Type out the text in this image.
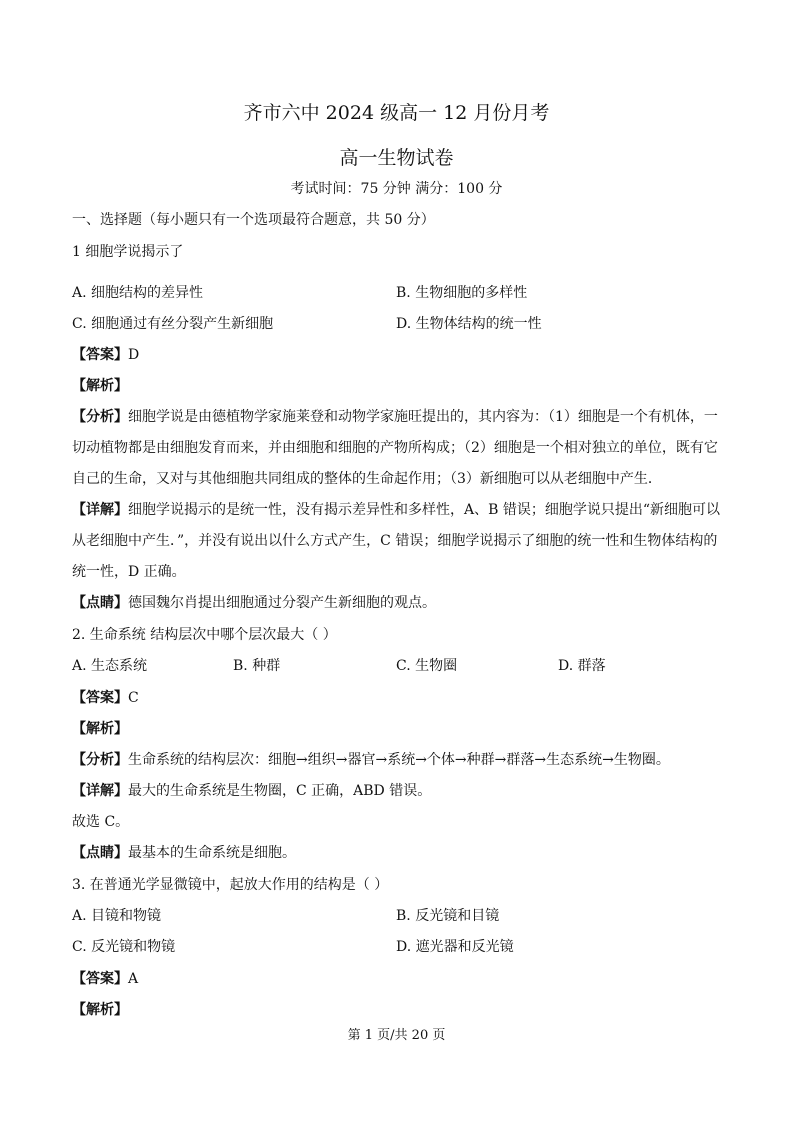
齐市六中 2024 级高一 12 月份月考
高一生物试卷
考试时间：75 分钟 满分：100 分
一、选择题（每小题只有一个选项最符合题意，共 50 分）
1 细胞学说揭示了
A. 细胞结构的差异性	B. 生物细胞的多样性
C. 细胞通过有丝分裂产生新细胞	D. 生物体结构的统一性
【答案】D
【解析】
【分析】细胞学说是由德植物学家施莱登和动物学家施旺提出的，其内容为：（1）细胞是一个有机体，一
切动植物都是由细胞发育而来，并由细胞和细胞的产物所构成；（2）细胞是一个相对独立的单位，既有它
自己的生命，又对与其他细胞共同组成的整体的生命起作用；（3）新细胞可以从老细胞中产生．
【详解】细胞学说揭示的是统一性，没有揭示差异性和多样性，A、B 错误；细胞学说只提出“新细胞可以
从老细胞中产生．”，并没有说出以什么方式产生，C 错误；细胞学说揭示了细胞的统一性和生物体结构的
统一性，D 正确。
【点睛】德国魏尔肖提出细胞通过分裂产生新细胞的观点。
2. 生命系统 结构层次中哪个层次最大（ ）
A. 生态系统	B. 种群	C. 生物圈	D. 群落
【答案】C
【解析】
【分析】生命系统的结构层次：细胞→组织→器官→系统→个体→种群→群落→生态系统→生物圈。
【详解】最大的生命系统是生物圈，C 正确，ABD 错误。
故选 C。
【点睛】最基本的生命系统是细胞。
3. 在普通光学显微镜中，起放大作用的结构是（ ）
A. 目镜和物镜	B. 反光镜和目镜
C. 反光镜和物镜	D. 遮光器和反光镜
【答案】A
【解析】
第 1 页/共 20 页
